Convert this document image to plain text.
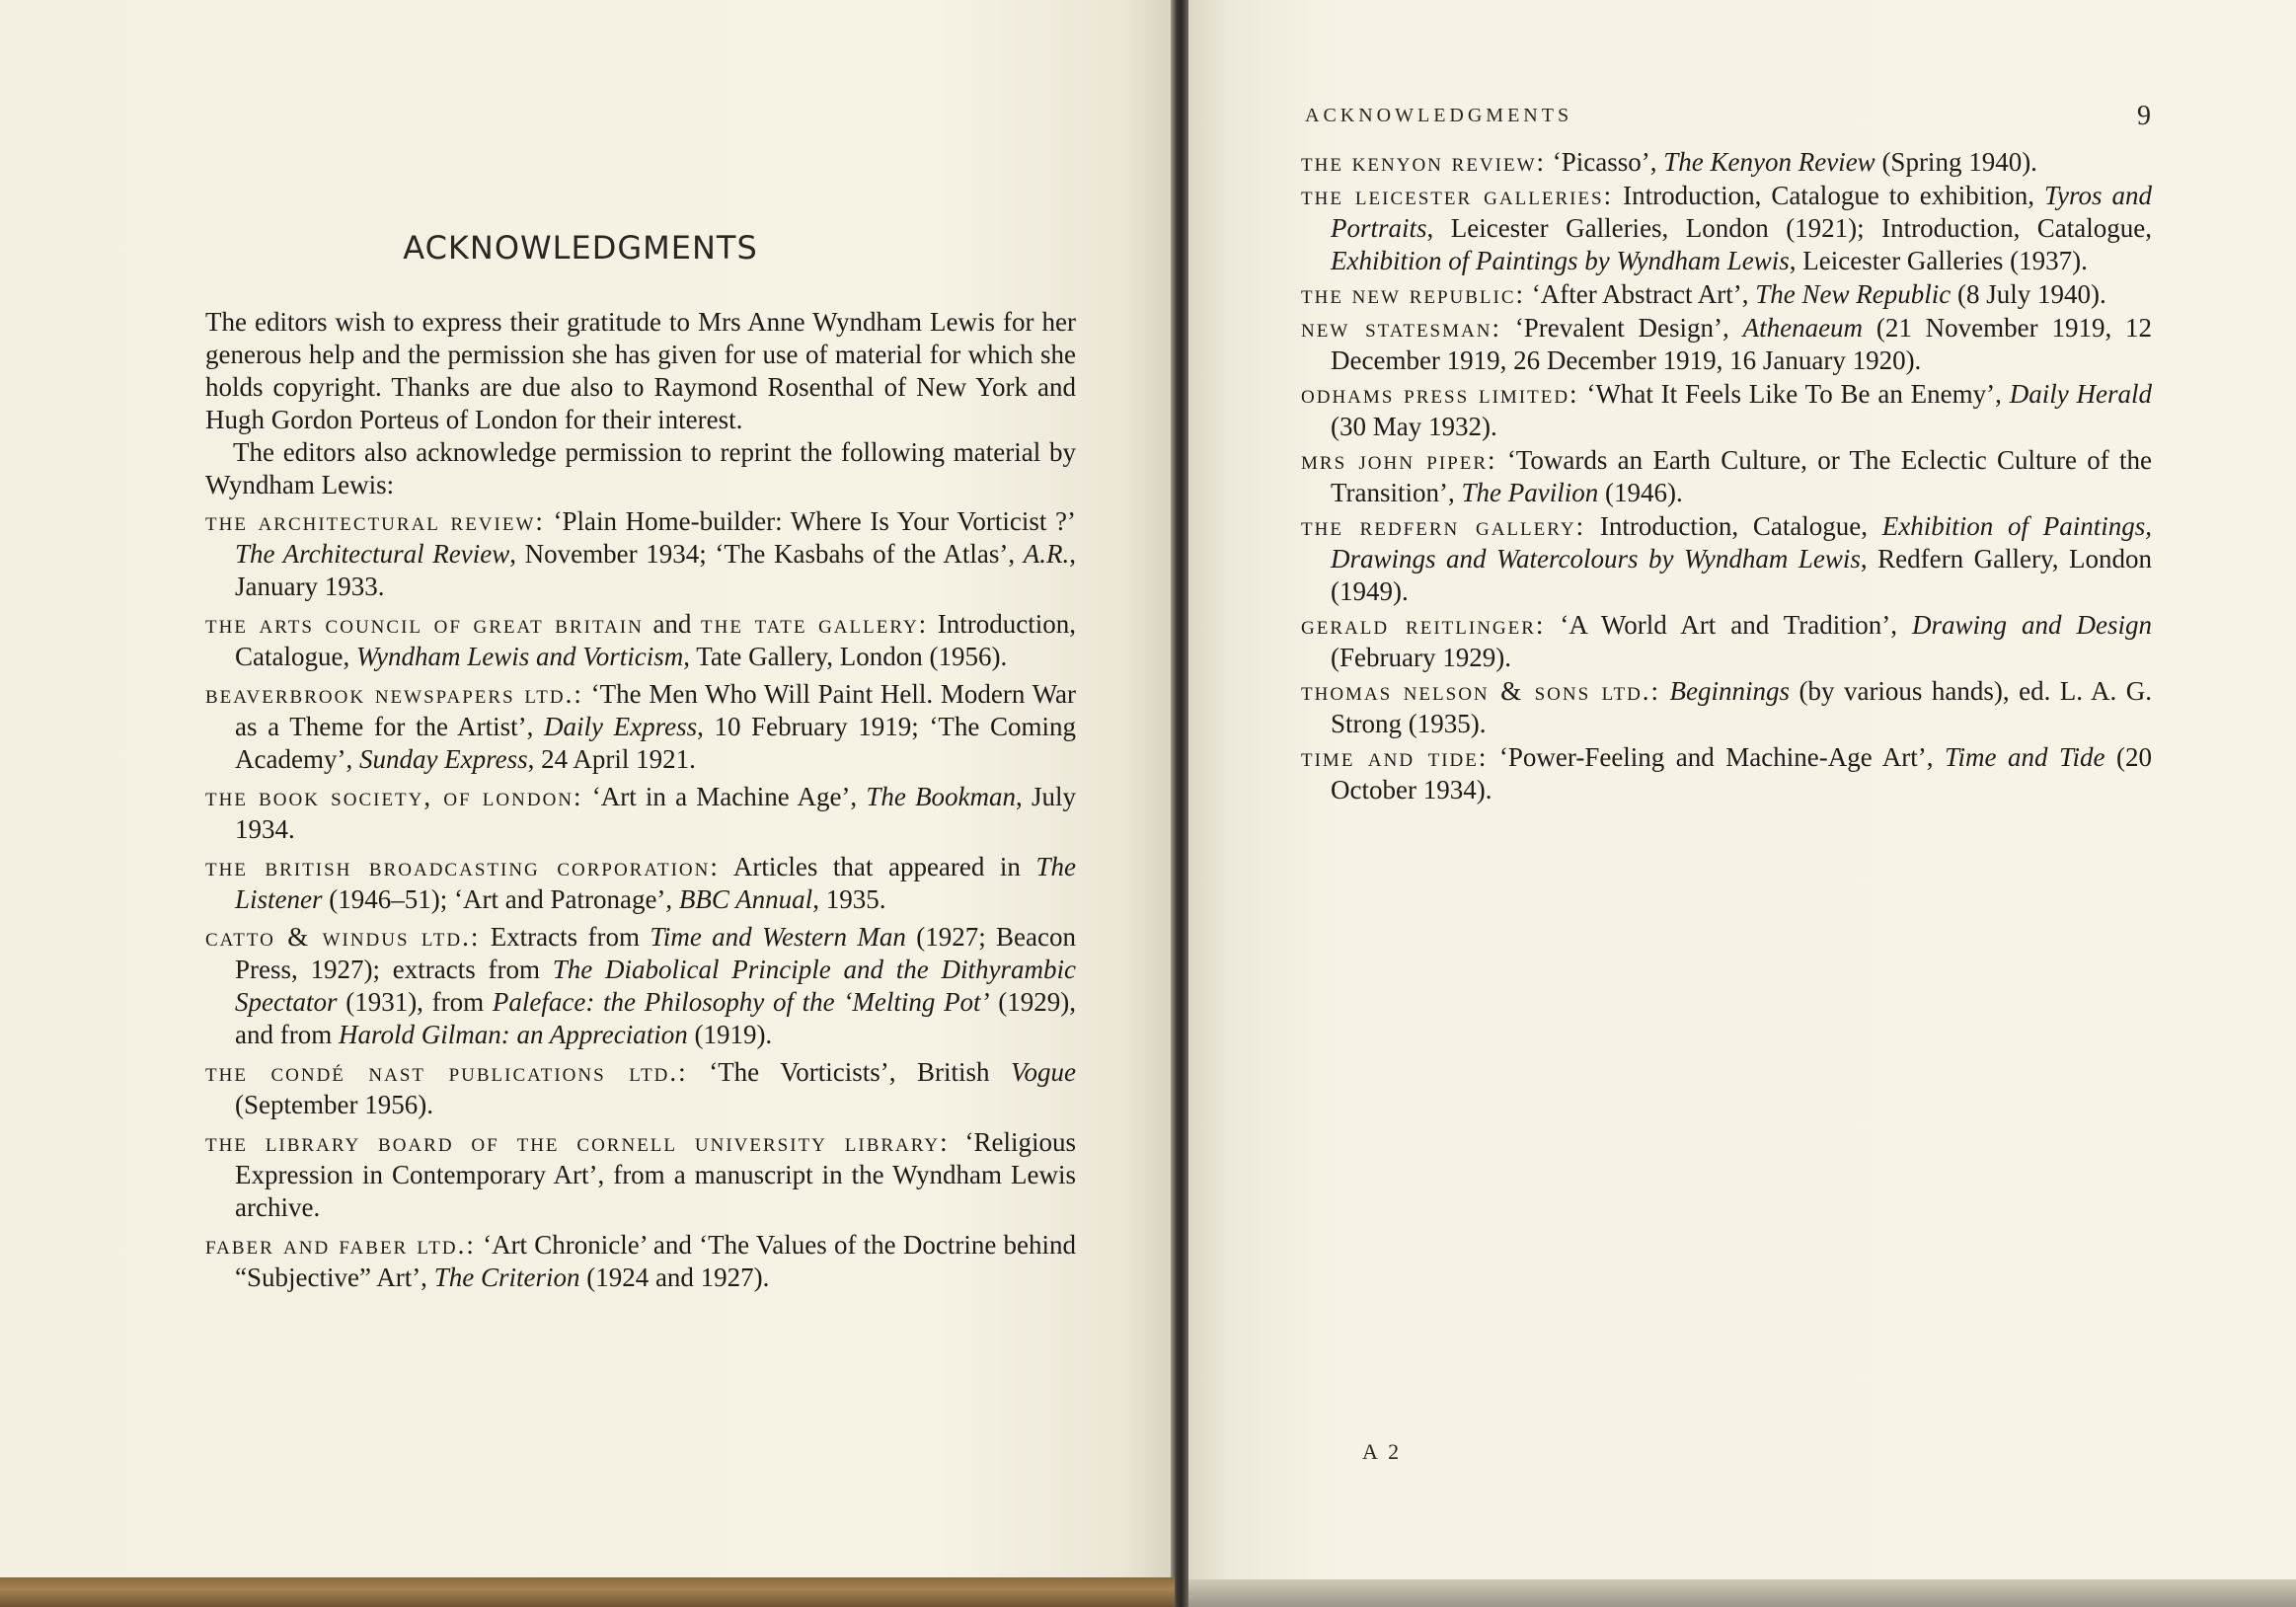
ACKNOWLEDGMENTS

The editors wish to express their gratitude to Mrs Anne Wyndham Lewis for her generous help and the permission she has given for use of material for which she holds copyright. Thanks are due also to Raymond Rosenthal of New York and Hugh Gordon Porteus of London for their interest.

The editors also acknowledge permission to reprint the following material by Wyndham Lewis:

the architectural review: ‘Plain Home-builder: Where Is Your Vorticist ?’ The Architectural Review, November 1934; ‘The Kasbahs of the Atlas’, A.R., January 1933.

the arts council of great britain and the tate gallery: Introduction, Catalogue, Wyndham Lewis and Vorticism, Tate Gallery, London (1956).

beaverbrook newspapers ltd.: ‘The Men Who Will Paint Hell. Modern War as a Theme for the Artist’, Daily Express, 10 February 1919; ‘The Coming Academy’, Sunday Express, 24 April 1921.

the book society, of london: ‘Art in a Machine Age’, The Bookman, July 1934.

the british broadcasting corporation: Articles that appeared in The Listener (1946–51); ‘Art and Patronage’, BBC Annual, 1935.

catto & windus ltd.: Extracts from Time and Western Man (1927; Beacon Press, 1927); extracts from The Diabolical Principle and the Dithyrambic Spectator (1931), from Paleface: the Philosophy of the ‘Melting Pot’ (1929), and from Harold Gilman: an Appreciation (1919).

the condé nast publications ltd.: ‘The Vorticists’, British Vogue (September 1956).

the library board of the cornell university library: ‘Religious Expression in Contemporary Art’, from a manuscript in the Wyndham Lewis archive.

faber and faber ltd.: ‘Art Chronicle’ and ‘The Values of the Doctrine behind “Subjective” Art’, The Criterion (1924 and 1927).

ACKNOWLEDGMENTS	9

the kenyon review: ‘Picasso’, The Kenyon Review (Spring 1940).

the leicester galleries: Introduction, Catalogue to exhibition, Tyros and Portraits, Leicester Galleries, London (1921); Introduction, Catalogue, Exhibition of Paintings by Wyndham Lewis, Leicester Galleries (1937).

the new republic: ‘After Abstract Art’, The New Republic (8 July 1940).

new statesman: ‘Prevalent Design’, Athenaeum (21 November 1919, 12 December 1919, 26 December 1919, 16 January 1920).

odhams press limited: ‘What It Feels Like To Be an Enemy’, Daily Herald (30 May 1932).

mrs john piper: ‘Towards an Earth Culture, or The Eclectic Culture of the Transition’, The Pavilion (1946).

the redfern gallery: Introduction, Catalogue, Exhibition of Paintings, Drawings and Watercolours by Wyndham Lewis, Redfern Gallery, London (1949).

gerald reitlinger: ‘A World Art and Tradition’, Drawing and Design (February 1929).

thomas nelson & sons ltd.: Beginnings (by various hands), ed. L. A. G. Strong (1935).

time and tide: ‘Power-Feeling and Machine-Age Art’, Time and Tide (20 October 1934).

A 2
